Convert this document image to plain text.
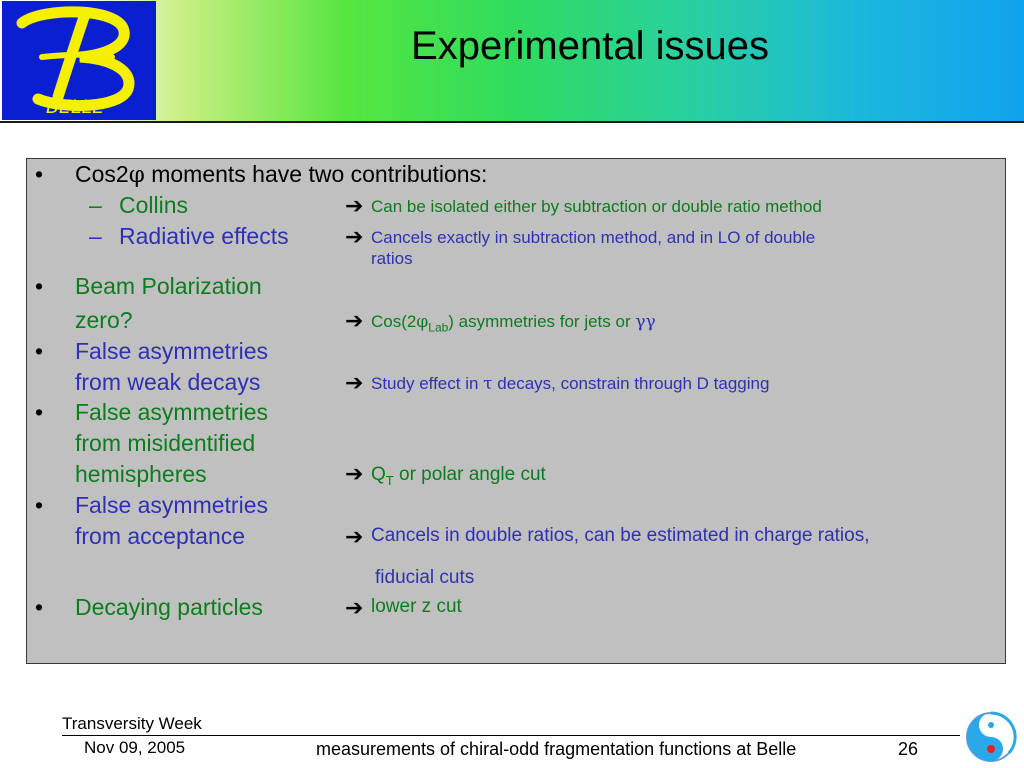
BELLE
Experimental issues
• Cos2φ moments have two contributions:
– Collins	➔ Can be isolated either by subtraction or double ratio method
– Radiative effects	➔ Cancels exactly in subtraction method, and in LO of double
ratios
• Beam Polarization
zero?	➔ $Cos(2\varphi_{Lab})$ asymmetries for jets or γγ
• False asymmetries
from weak decays	➔ Study effect in τ decays, constrain through D tagging
• False asymmetries
from misidentified
hemispheres	➔ $Q_T$ or polar angle cut
• False asymmetries
from acceptance	➔ Cancels in double ratios, can be estimated in charge ratios,
fiducial cuts
• Decaying particles	➔ lower z cut
Transversity Week
Nov 09, 2005	measurements of chiral-odd fragmentation functions at Belle	26
